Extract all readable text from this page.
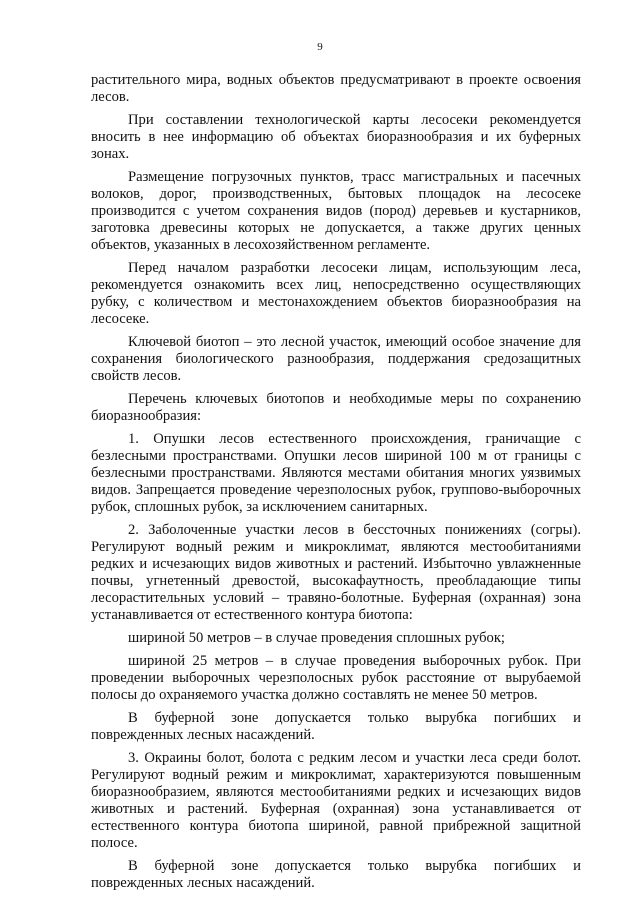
9

растительного мира, водных объектов предусматривают в проекте освоения лесов.

При составлении технологической карты лесосеки рекомендуется вносить в нее информацию об объектах биоразнообразия и их буферных зонах.

Размещение погрузочных пунктов, трасс магистральных и пасечных волоков, дорог, производственных, бытовых площадок на лесосеке производится с учетом сохранения видов (пород) деревьев и кустарников, заготовка древесины которых не допускается, а также других ценных объектов, указанных в лесохозяйственном регламенте.

Перед началом разработки лесосеки лицам, использующим леса, рекомендуется ознакомить всех лиц, непосредственно осуществляющих рубку, с количеством и местонахождением объектов биоразнообразия на лесосеке.

Ключевой биотоп – это лесной участок, имеющий особое значение для сохранения биологического разнообразия, поддержания средозащитных свойств лесов.

Перечень ключевых биотопов и необходимые меры по сохранению биоразнообразия:

1. Опушки лесов естественного происхождения, граничащие с безлесными пространствами. Опушки лесов шириной 100 м от границы с безлесными пространствами. Являются местами обитания многих уязвимых видов. Запрещается проведение черезполосных рубок, группово-выборочных рубок, сплошных рубок, за исключением санитарных.

2. Заболоченные участки лесов в бессточных понижениях (согры). Регулируют водный режим и микроклимат, являются местообитаниями редких и исчезающих видов животных и растений. Избыточно увлажненные почвы, угнетенный древостой, высокафаутность, преобладающие типы лесорастительных условий – травяно-болотные. Буферная (охранная) зона устанавливается от естественного контура биотопа:

шириной 50 метров – в случае проведения сплошных рубок;

шириной 25 метров – в случае проведения выборочных рубок. При проведении выборочных черезполосных рубок расстояние от вырубаемой полосы до охраняемого участка должно составлять не менее 50 метров.

В буферной зоне допускается только вырубка погибших и поврежденных лесных насаждений.

3. Окраины болот, болота с редким лесом и участки леса среди болот. Регулируют водный режим и микроклимат, характеризуются повышенным биоразнообразием, являются местообитаниями редких и исчезающих видов животных и растений. Буферная (охранная) зона устанавливается от естественного контура биотопа шириной, равной прибрежной защитной полосе.

В буферной зоне допускается только вырубка погибших и поврежденных лесных насаждений.
